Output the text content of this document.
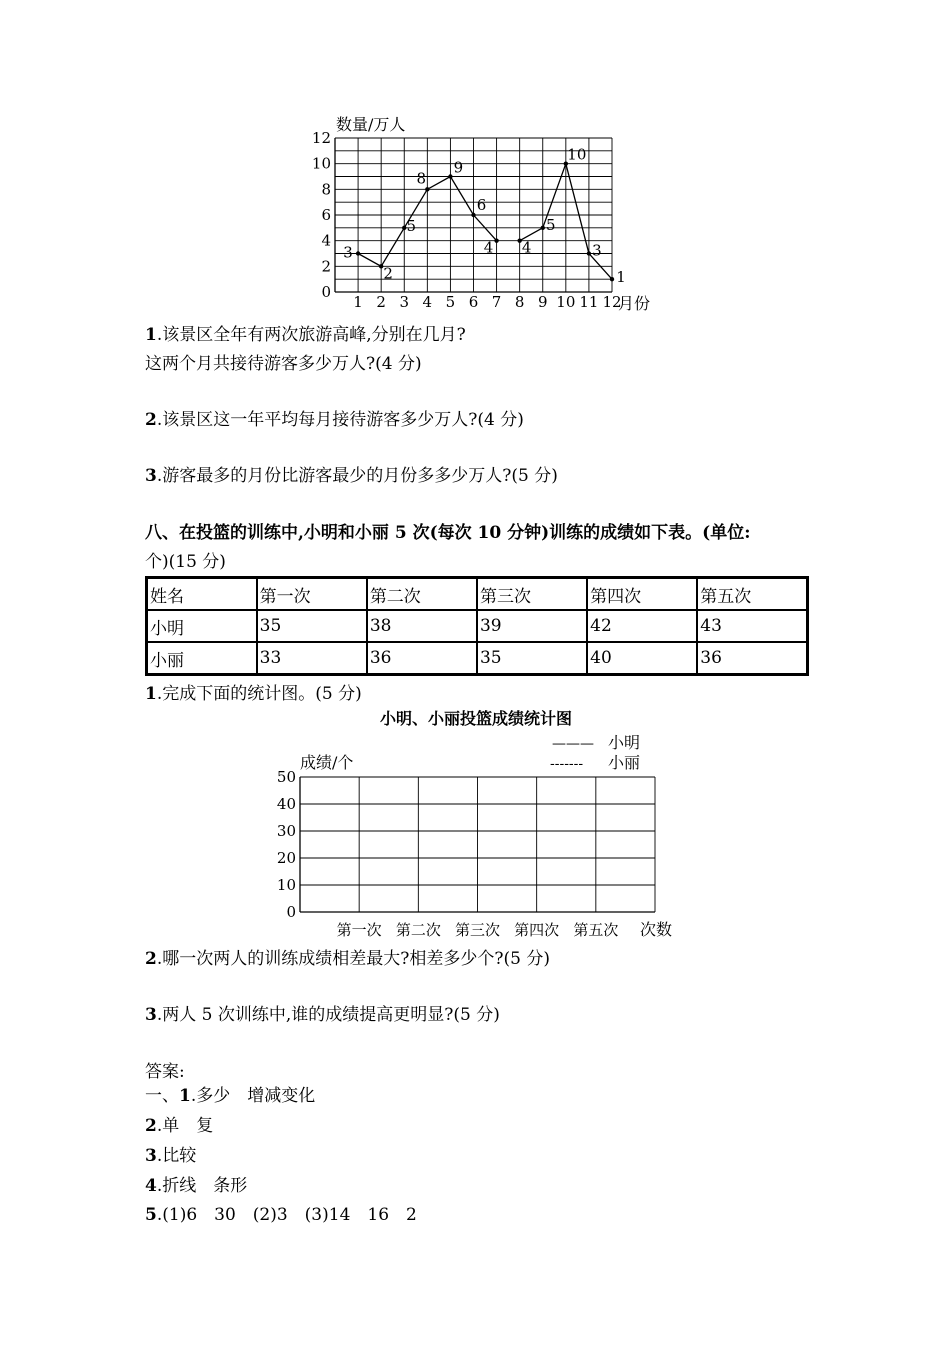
数量/万人
0
2
4
6
8
10
12
1 2 3 4 5 6 7 8 9 10 11 12
3
2
5
8
9
6
4 4
5
10
3
1
月份
1.该景区全年有两次旅游高峰,分别在几月?
这两个月共接待游客多少万人?(4 分)
2.该景区这一年平均每月接待游客多少万人?(4 分)
3.游客最多的月份比游客最少的月份多多少万人?(5 分)
八、在投篮的训练中,小明和小丽 5 次(每次 10 分钟)训练的成绩如下表。(单位:
个)(15 分)
姓名	第一次	第二次	第三次	第四次	第五次
小明	35	38	39	42	43
小丽	33	36	35	40	36
1.完成下面的统计图。(5 分)
小明、小丽投篮成绩统计图
——— 小明
------- 小丽
成绩/个
0
10
20
30
40
50
第一次 第二次 第三次 第四次 第五次 次数
2.哪一次两人的训练成绩相差最大?相差多少个?(5 分)
3.两人 5 次训练中,谁的成绩提高更明显?(5 分)
答案:
一、1.多少　增减变化
2.单　复
3.比较
4.折线　条形
5.(1)6　30　(2)3　(3)14　16　2
